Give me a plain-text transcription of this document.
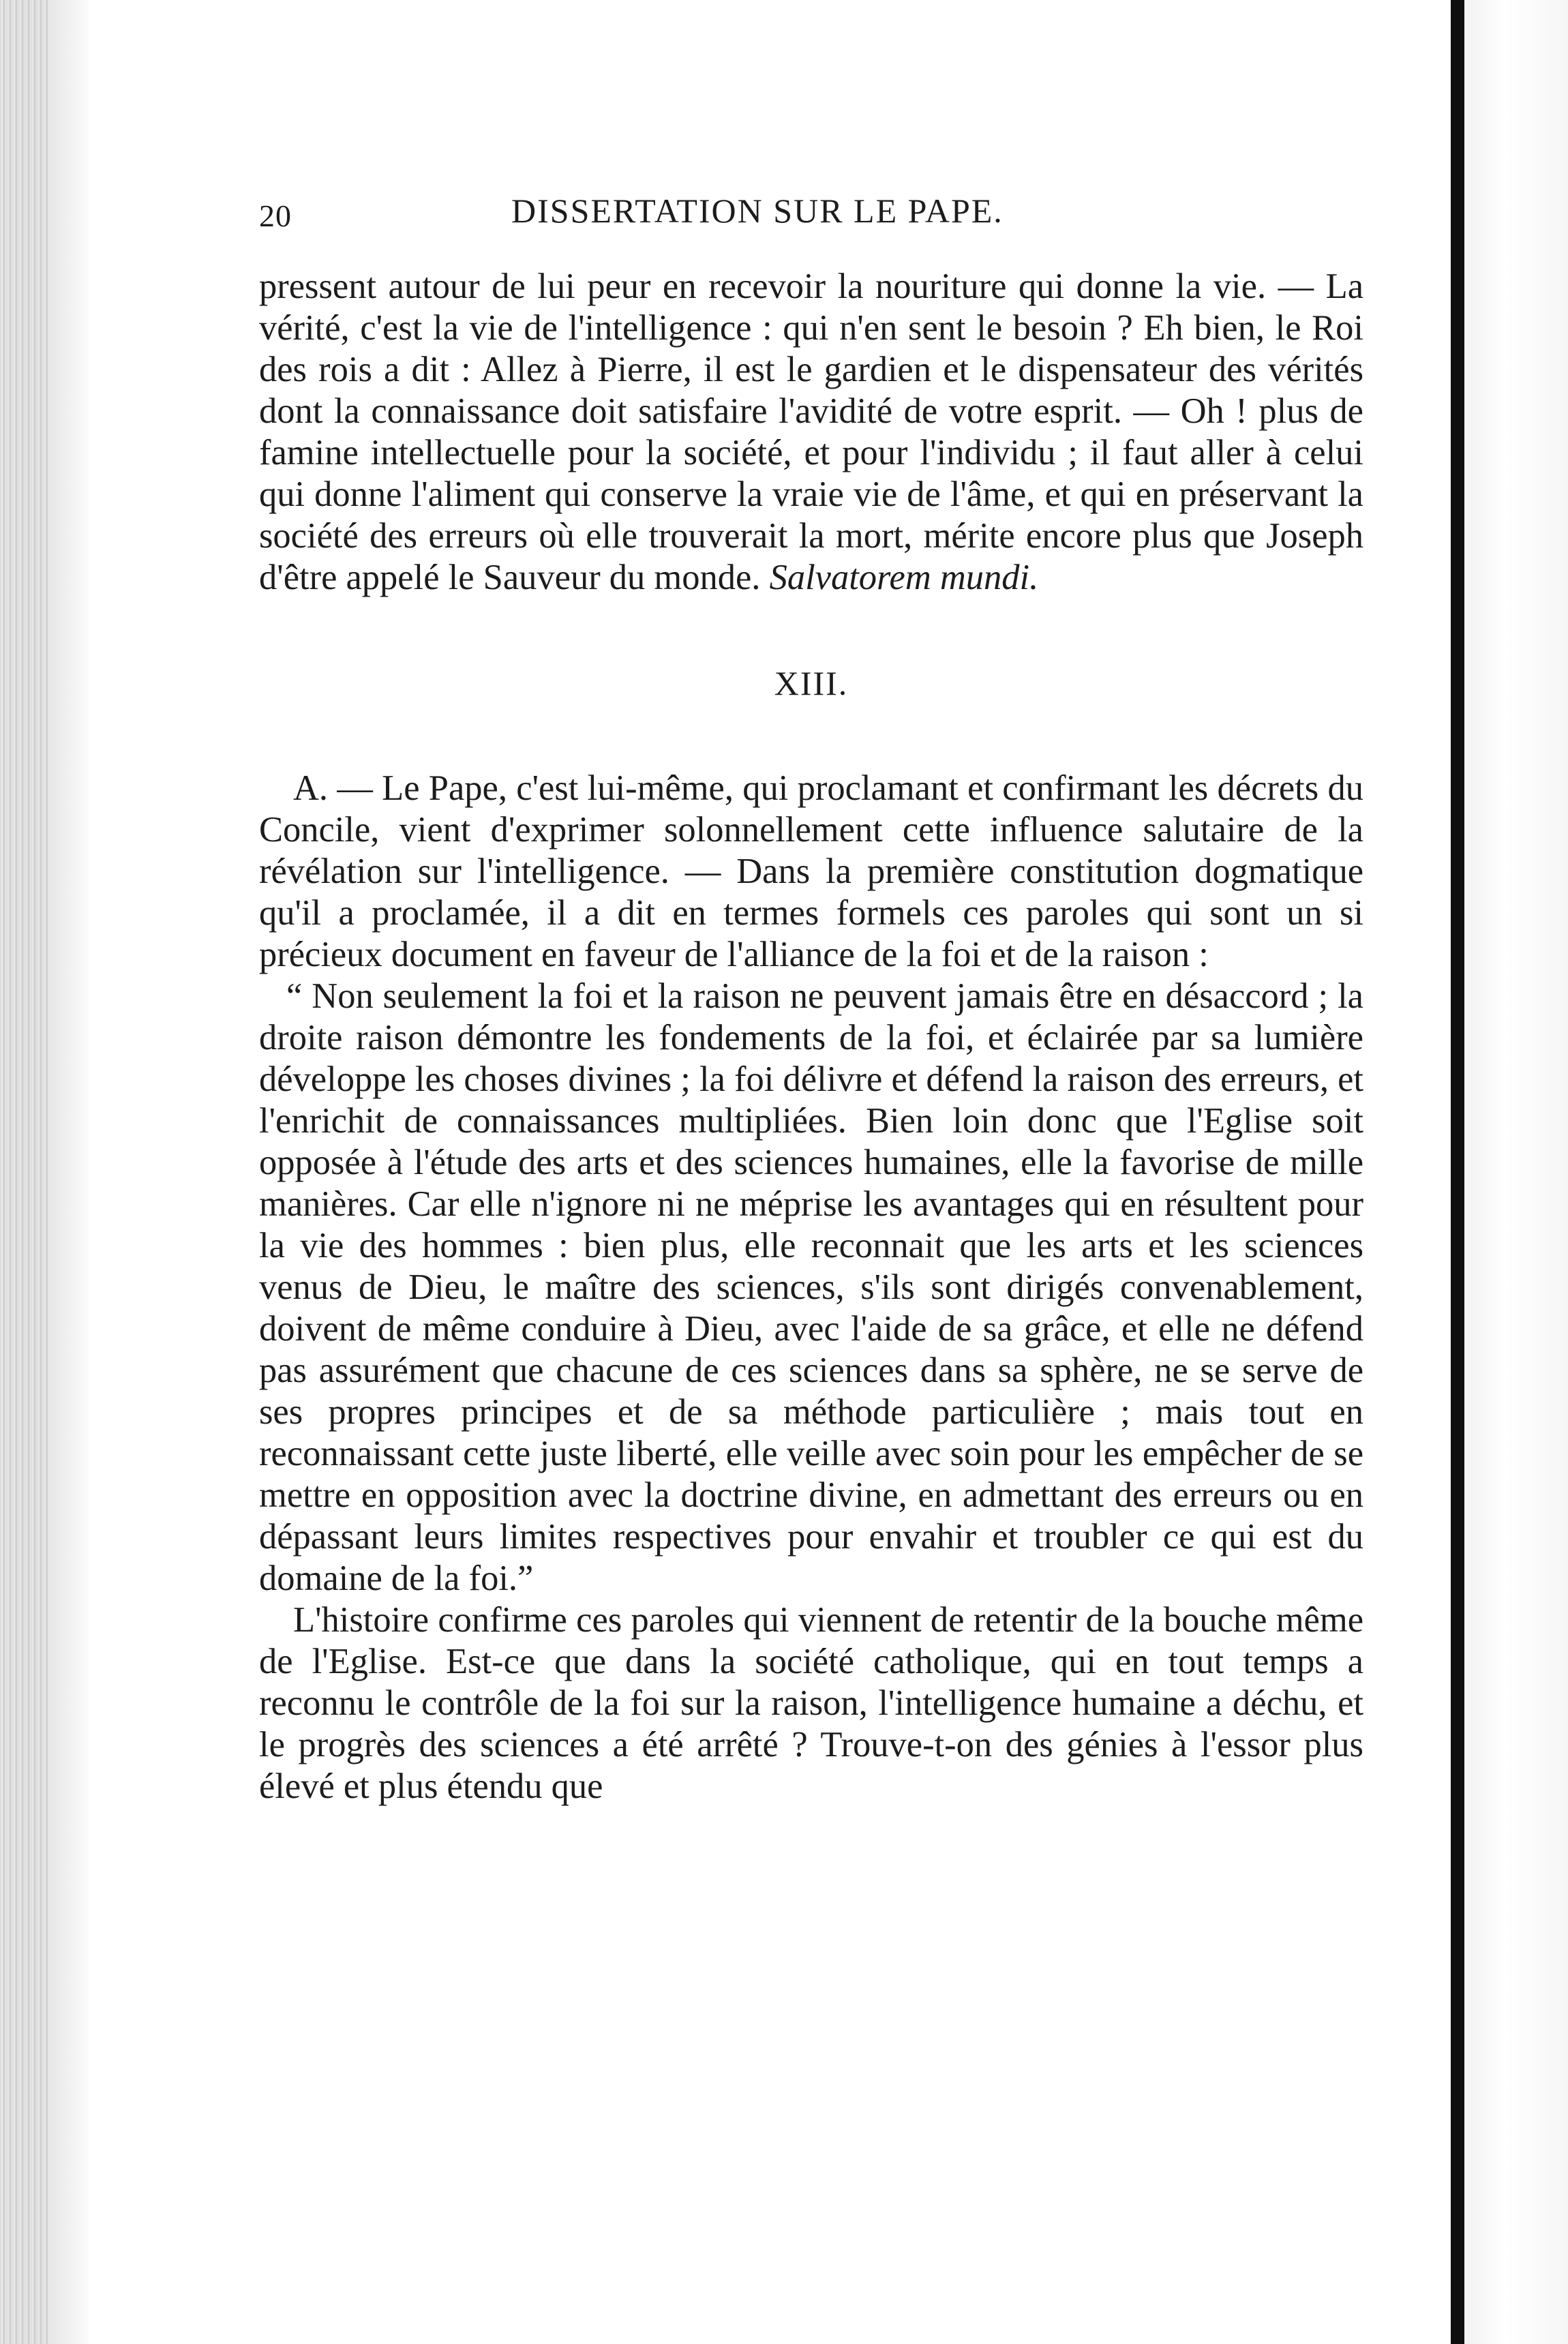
20	DISSERTATION SUR LE PAPE.

pressent autour de lui peur en recevoir la nouriture qui donne la vie. — La vérité, c'est la vie de l'intelligence : qui n'en sent le besoin ? Eh bien, le Roi des rois a dit : Allez à Pierre, il est le gardien et le dispensateur des vérités dont la connaissance doit satisfaire l'avidité de votre esprit. — Oh ! plus de famine intellectuelle pour la société, et pour l'individu ; il faut aller à celui qui donne l'aliment qui conserve la vraie vie de l'âme, et qui en préservant la société des erreurs où elle trouverait la mort, mérite encore plus que Joseph d'être appelé le Sauveur du monde. Salvatorem mundi.

XIII.

A. — Le Pape, c'est lui-même, qui proclamant et confirmant les décrets du Concile, vient d'exprimer solonnellement cette influence salutaire de la révélation sur l'intelligence. — Dans la première constitution dogmatique qu'il a proclamée, il a dit en termes formels ces paroles qui sont un si précieux document en faveur de l'alliance de la foi et de la raison :

“ Non seulement la foi et la raison ne peuvent jamais être en désaccord ; la droite raison démontre les fondements de la foi, et éclairée par sa lumière développe les choses divines ; la foi délivre et défend la raison des erreurs, et l'enrichit de connaissances multipliées. Bien loin donc que l'Eglise soit opposée à l'étude des arts et des sciences humaines, elle la favorise de mille manières. Car elle n'ignore ni ne méprise les avantages qui en résultent pour la vie des hommes : bien plus, elle reconnait que les arts et les sciences venus de Dieu, le maître des sciences, s'ils sont dirigés convenablement, doivent de même conduire à Dieu, avec l'aide de sa grâce, et elle ne défend pas assurément que chacune de ces sciences dans sa sphère, ne se serve de ses propres principes et de sa méthode particulière ; mais tout en reconnaissant cette juste liberté, elle veille avec soin pour les empêcher de se mettre en opposition avec la doctrine divine, en admettant des erreurs ou en dépassant leurs limites respectives pour envahir et troubler ce qui est du domaine de la foi.”

L'histoire confirme ces paroles qui viennent de retentir de la bouche même de l'Eglise. Est-ce que dans la société catholique, qui en tout temps a reconnu le contrôle de la foi sur la raison, l'intelligence humaine a déchu, et le progrès des sciences a été arrêté ? Trouve-t-on des génies à l'essor plus élevé et plus étendu que
